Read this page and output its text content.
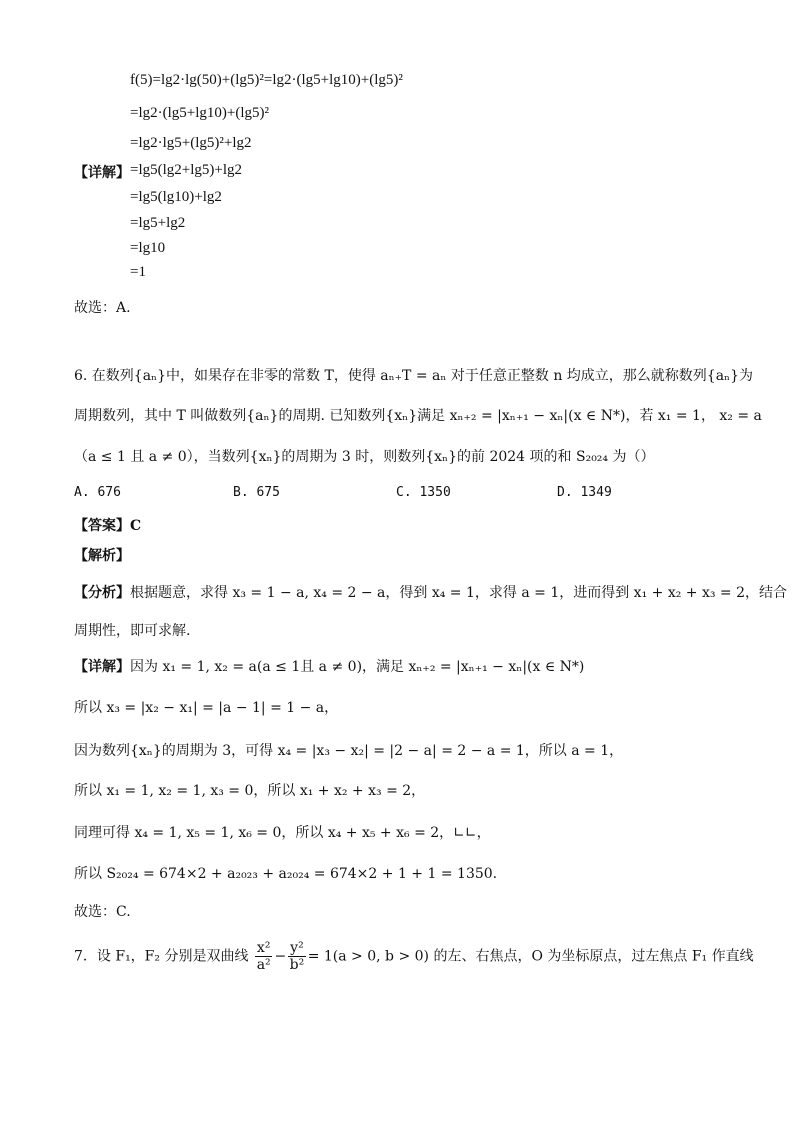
【详解】
f(5)=lg2·lg(50)+(lg5)²=lg2·(lg5+lg10)+(lg5)²
=lg2·(lg5+lg10)+(lg5)²
=lg2·lg5+(lg5)²+lg2
=lg5(lg2+lg5)+lg2
=lg5(lg10)+lg2
=lg5+lg2
=lg10
=1
故选：A.
6. 在数列{aₙ}中，如果存在非零的常数 T，使得 aₙ₊T = aₙ 对于任意正整数 n 均成立，那么就称数列{aₙ}为
周期数列，其中 T 叫做数列{aₙ}的周期. 已知数列{xₙ}满足 xₙ₊₂ = |xₙ₊₁ − xₙ|(x ∈ N*)，若 x₁ = 1， x₂ = a
（a ≤ 1 且 a ≠ 0），当数列{xₙ}的周期为 3 时，则数列{xₙ}的前 2024 项的和 S₂₀₂₄ 为（）
A. 676	B. 675	C. 1350	D. 1349
【答案】C
【解析】
【分析】根据题意，求得 x₃ = 1 − a, x₄ = 2 − a，得到 x₄ = 1，求得 a = 1，进而得到 x₁ + x₂ + x₃ = 2，结合
周期性，即可求解.
【详解】因为 x₁ = 1, x₂ = a(a ≤ 1且 a ≠ 0)，满足 xₙ₊₂ = |xₙ₊₁ − xₙ|(x ∈ N*)
所以 x₃ = |x₂ − x₁| = |a − 1| = 1 − a，
因为数列{xₙ}的周期为 3，可得 x₄ = |x₃ − x₂| = |2 − a| = 2 − a = 1，所以 a = 1，
所以 x₁ = 1, x₂ = 1, x₃ = 0，所以 x₁ + x₂ + x₃ = 2，
同理可得 x₄ = 1, x₅ = 1, x₆ = 0，所以 x₄ + x₅ + x₆ = 2，∟∟，
所以 S₂₀₂₄ = 674×2 + a₂₀₂₃ + a₂₀₂₄ = 674×2 + 1 + 1 = 1350.
故选：C.
7．设 F₁，F₂ 分别是双曲线 $\frac{\text{x²}}{\text{a²}} - \frac{\text{y²}}{\text{b²}} = 1(a > 0$, b > 0) 的左、右焦点，O 为坐标原点，过左焦点 F₁ 作直线
